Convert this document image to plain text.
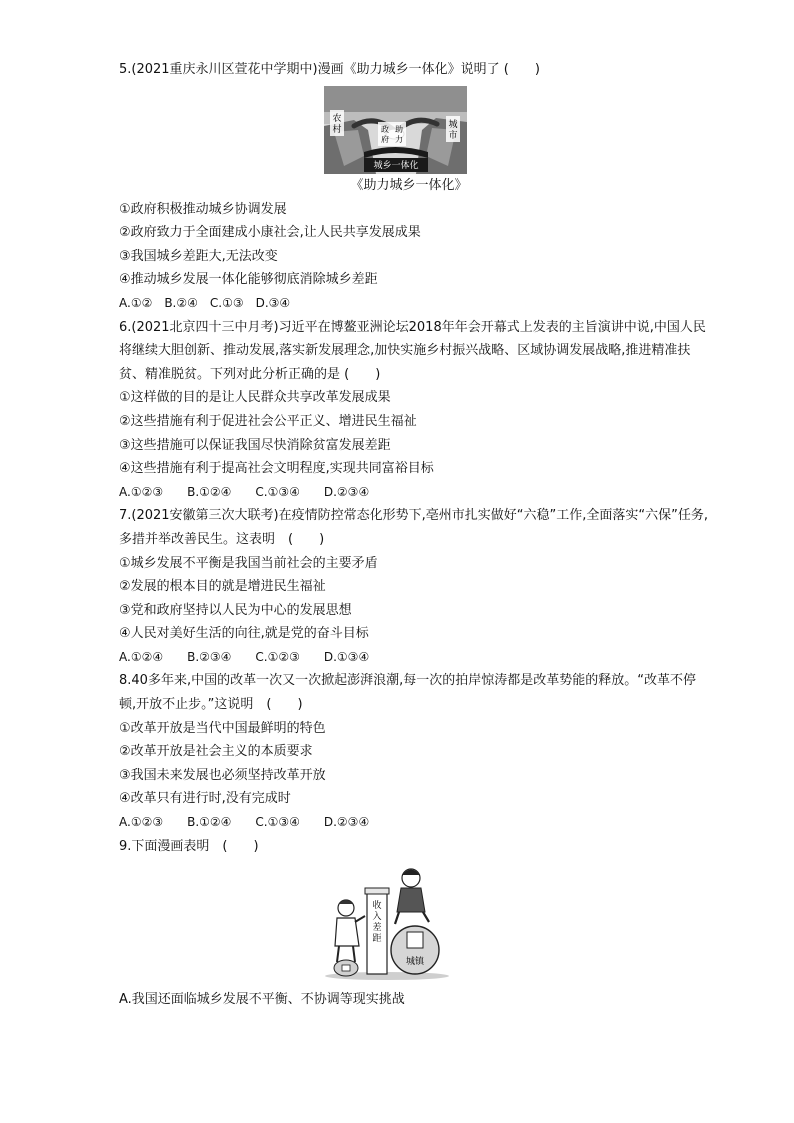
5.(2021重庆永川区萱花中学期中)漫画《助力城乡一体化》说明了 (　　)
农村	城市
政府
助力
城乡一体化
《助力城乡一体化》
①政府积极推动城乡协调发展
②政府致力于全面建成小康社会,让人民共享发展成果
③我国城乡差距大,无法改变
④推动城乡发展一体化能够彻底消除城乡差距
A.①②　B.②④　C.①③　D.③④
6.(2021北京四十三中月考)习近平在博鳌亚洲论坛2018年年会开幕式上发表的主旨演讲中说,中国人民将继续大胆创新、推动发展,落实新发展理念,加快实施乡村振兴战略、区域协调发展战略,推进精准扶贫、精准脱贫。下列对此分析正确的是 (　　)
①这样做的目的是让人民群众共享改革发展成果
②这些措施有利于促进社会公平正义、增进民生福祉
③这些措施可以保证我国尽快消除贫富发展差距
④这些措施有利于提高社会文明程度,实现共同富裕目标
A.①②③　　B.①②④　　C.①③④　　D.②③④
7.(2021安徽第三次大联考)在疫情防控常态化形势下,亳州市扎实做好“六稳”工作,全面落实“六保”任务,多措并举改善民生。这表明　(　　)
①城乡发展不平衡是我国当前社会的主要矛盾
②发展的根本目的就是增进民生福祉
③党和政府坚持以人民为中心的发展思想
④人民对美好生活的向往,就是党的奋斗目标
A.①②④　　B.②③④　　C.①②③　　D.①③④
8.40多年来,中国的改革一次又一次掀起澎湃浪潮,每一次的拍岸惊涛都是改革势能的释放。“改革不停顿,开放不止步。”这说明　(　　)
①改革开放是当代中国最鲜明的特色
②改革开放是社会主义的本质要求
③我国未来发展也必须坚持改革开放
④改革只有进行时,没有完成时
A.①②③　　B.①②④　　C.①③④　　D.②③④
9.下面漫画表明　(　　)
收入差距
城镇
A.我国还面临城乡发展不平衡、不协调等现实挑战
